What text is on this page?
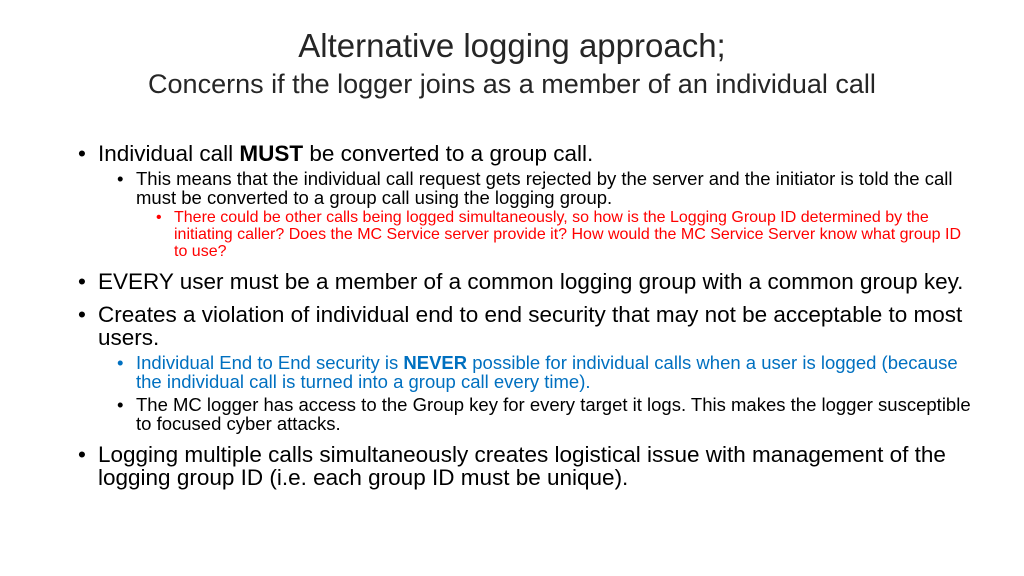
Alternative logging approach;
Concerns if the logger joins as a member of an individual call
• Individual call MUST be converted to a group call.
• This means that the individual call request gets rejected by the server and the initiator is told the call must be converted to a group call using the logging group.
• There could be other calls being logged simultaneously, so how is the Logging Group ID determined by the initiating caller? Does the MC Service server provide it? How would the MC Service Server know what group ID to use?
• EVERY user must be a member of a common logging group with a common group key.
• Creates a violation of individual end to end security that may not be acceptable to most users.
• Individual End to End security is NEVER possible for individual calls when a user is logged (because the individual call is turned into a group call every time).
• The MC logger has access to the Group key for every target it logs. This makes the logger susceptible to focused cyber attacks.
• Logging multiple calls simultaneously creates logistical issue with management of the logging group ID (i.e. each group ID must be unique).
